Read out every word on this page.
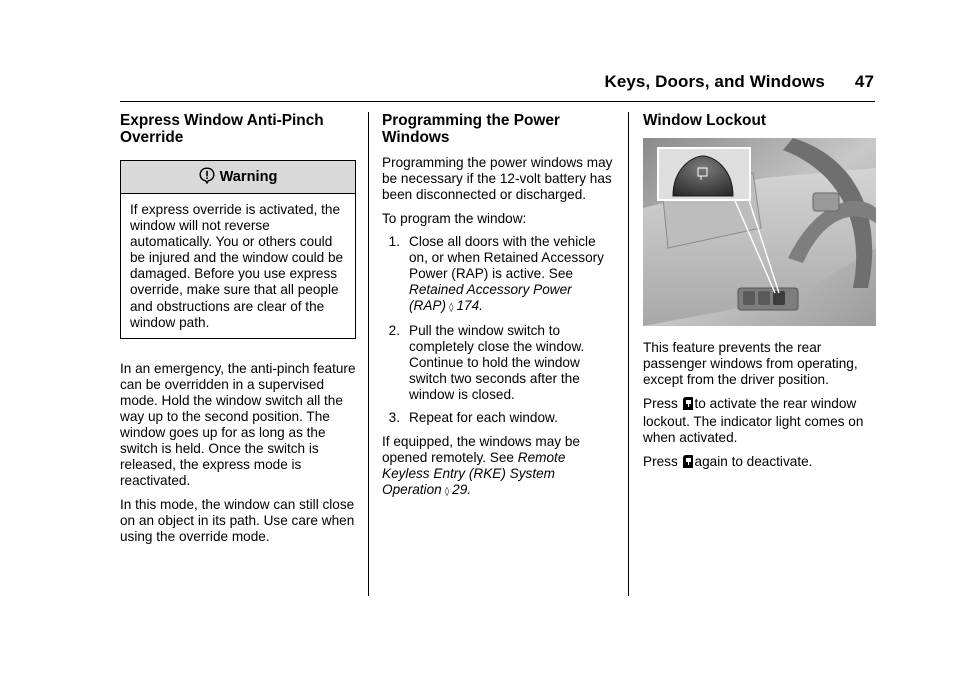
Keys, Doors, and Windows 47
Express Window Anti-Pinch Override
Warning
If express override is activated, the window will not reverse automatically. You or others could be injured and the window could be damaged. Before you use express override, make sure that all people and obstructions are clear of the window path.

In an emergency, the anti-pinch feature can be overridden in a supervised mode. Hold the window switch all the way up to the second position. The window goes up for as long as the switch is held. Once the switch is released, the express mode is reactivated.

In this mode, the window can still close on an object in its path. Use care when using the override mode.

Programming the Power Windows

Programming the power windows may be necessary if the 12-volt battery has been disconnected or discharged.

To program the window:

1. Close all doors with the vehicle on, or when Retained Accessory Power (RAP) is active. See Retained Accessory Power (RAP) ◊ 174.
2. Pull the window switch to completely close the window. Continue to hold the window switch two seconds after the window is closed.
3. Repeat for each window.

If equipped, the windows may be opened remotely. See Remote Keyless Entry (RKE) System Operation ◊ 29.

Window Lockout

This feature prevents the rear passenger windows from operating, except from the driver position.

Press to activate the rear window lockout. The indicator light comes on when activated.

Press again to deactivate.
